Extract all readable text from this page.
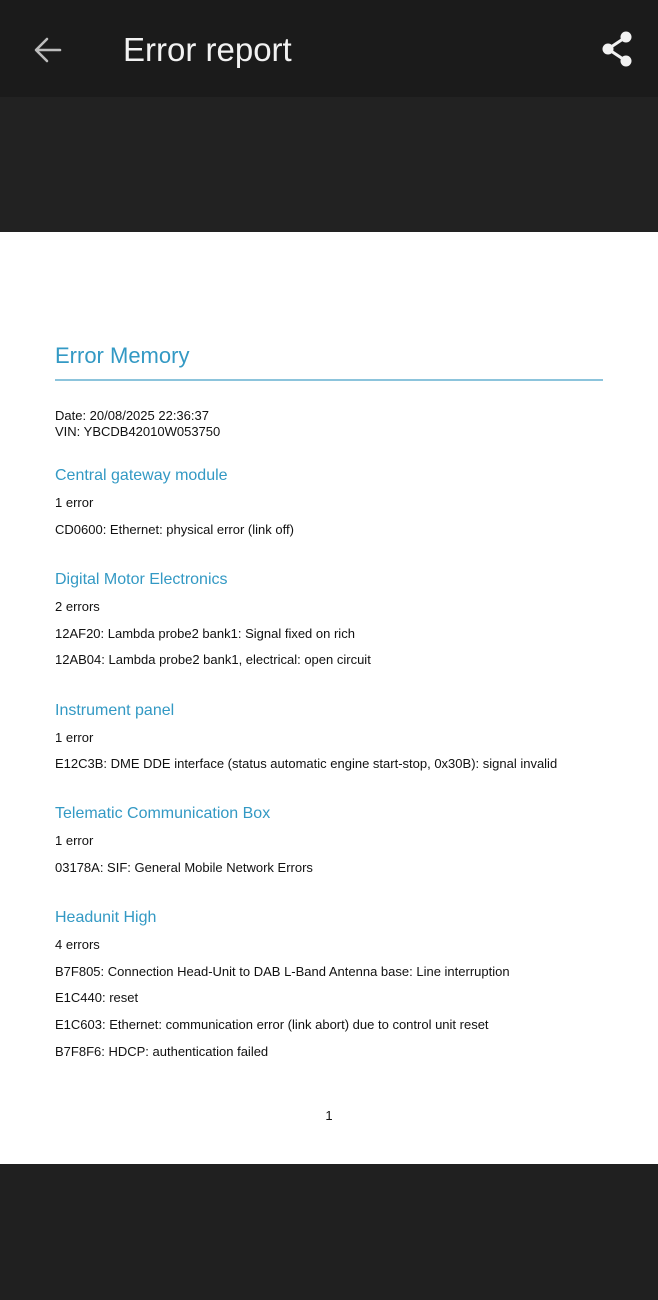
Error report
Error Memory
Date: 20/08/2025 22:36:37
VIN: YBCDB42010W053750
Central gateway module
1 error
CD0600: Ethernet: physical error (link off)
Digital Motor Electronics
2 errors
12AF20: Lambda probe2 bank1: Signal fixed on rich
12AB04: Lambda probe2 bank1, electrical: open circuit
Instrument panel
1 error
E12C3B: DME DDE interface (status automatic engine start-stop, 0x30B): signal invalid
Telematic Communication Box
1 error
03178A: SIF: General Mobile Network Errors
Headunit High
4 errors
B7F805: Connection Head-Unit to DAB L-Band Antenna base: Line interruption
E1C440: reset
E1C603: Ethernet: communication error (link abort) due to control unit reset
B7F8F6: HDCP: authentication failed
1
